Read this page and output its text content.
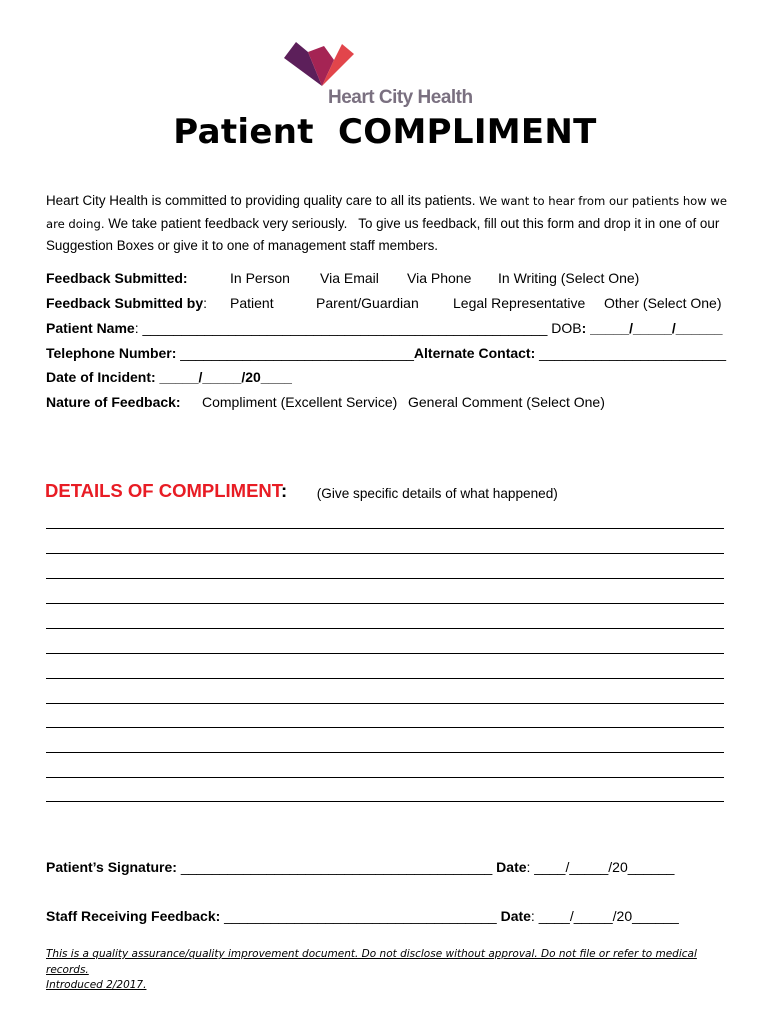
Heart City Health
Patient  COMPLIMENT
Heart City Health is committed to providing quality care to all its patients. We want to hear from our patients how we are doing. We take patient feedback very seriously.   To give us feedback, fill out this form and drop it in one of our Suggestion Boxes or give it to one of management staff members.
Feedback Submitted:	In Person Via Email Via Phone In Writing (Select One)
Feedback Submitted by: Patient	Parent/Guardian Legal Representative Other (Select One)
Patient Name: ____________________________________________________ DOB: _____/_____/______
Telephone Number: ______________________________Alternate Contact: ________________________
Date of Incident: _____/_____/20____
Nature of Feedback: Compliment (Excellent Service) General Comment (Select One)
DETAILS OF COMPLIMENT: (Give specific details of what happened)
Patient’s Signature: ________________________________________ Date: ____/_____/20______
Staff Receiving Feedback: ___________________________________ Date: ____/_____/20______
This is a quality assurance/quality improvement document. Do not disclose without approval. Do not file or refer to medical records.
Introduced 2/2017.
